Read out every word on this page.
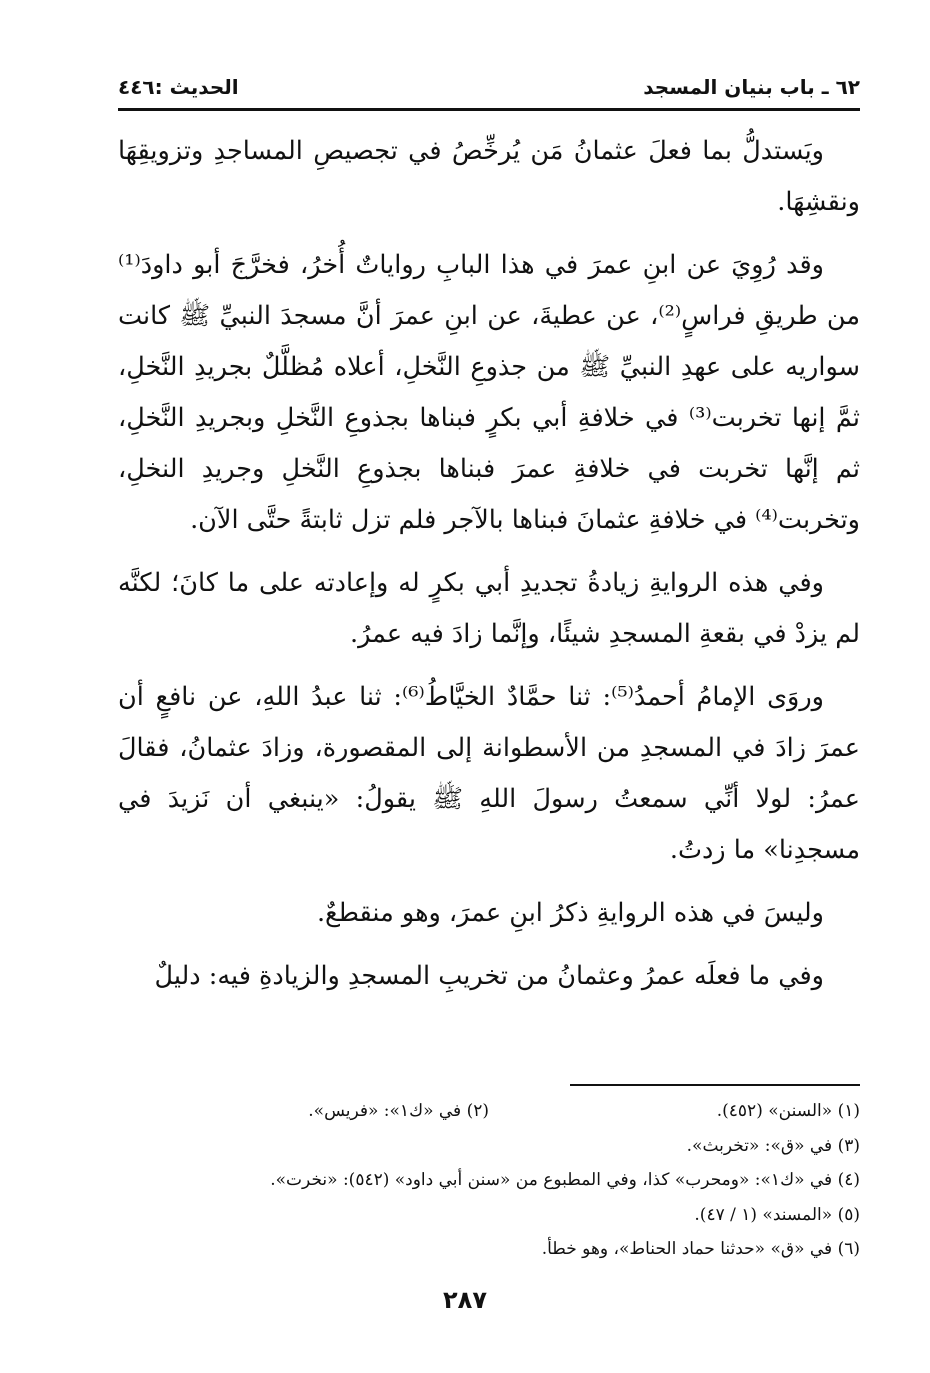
٦٢ ـ باب بنيان المسجد
الحديث :٤٤٦

ويَستدلُّ بما فعلَ عثمانُ مَن يُرخِّصُ في تجصيصِ المساجدِ وتزويقِهَا ونقشِهَا.

وقد رُوِيَ عن ابنِ عمرَ في هذا البابِ رواياتٌ أُخرُ، فخرَّجَ أبو داودَ⁽¹⁾ من طريقِ فراسٍ⁽²⁾، عن عطيةَ، عن ابنِ عمرَ أنَّ مسجدَ النبيِّ ﷺ كانت سواريه على عهدِ النبيِّ ﷺ من جذوعِ النَّخلِ، أعلاه مُظلَّلٌ بجريدِ النَّخلِ، ثمَّ إنها تخربت⁽³⁾ في خلافةِ أبي بكرٍ فبناها بجذوعِ النَّخلِ وبجريدِ النَّخلِ، ثم إنَّها تخربت في خلافةِ عمرَ فبناها بجذوعِ النَّخلِ وجريدِ النخلِ، وتخربت⁽⁴⁾ في خلافةِ عثمانَ فبناها بالآجر فلم تزل ثابتةً حتَّى الآن.

وفي هذه الروايةِ زيادةُ تجديدِ أبي بكرٍ له وإعادته على ما كانَ؛ لكنَّه لم يزدْ في بقعةِ المسجدِ شيئًا، وإنَّما زادَ فيه عمرُ.

وروَى الإمامُ أحمدُ⁽⁵⁾: ثنا حمَّادٌ الخيَّاطُ⁽⁶⁾: ثنا عبدُ اللهِ، عن نافعٍ أن عمرَ زادَ في المسجدِ من الأسطوانة إلى المقصورة، وزادَ عثمانُ، فقالَ عمرُ: لولا أنِّي سمعتُ رسولَ اللهِ ﷺ يقولُ: «ينبغي أن نَزيدَ في مسجدِنا» ما زدتُ.

وليسَ في هذه الروايةِ ذكرُ ابنِ عمرَ، وهو منقطعٌ.

وفي ما فعلَه عمرُ وعثمانُ من تخريبِ المسجدِ والزيادةِ فيه: دليلٌ

(١) «السنن» (٤٥٢).
(٢) في «ك١»: «فريس».
(٣) في «ق»: «تخربث».
(٤) في «ك١»: «ومحرب» كذا، وفي المطبوع من «سنن أبي داود» (٥٤٢): «نخرت».
(٥) «المسند» (١ / ٤٧).
(٦) في «ق» «حدثنا حماد الحناط»، وهو خطأ.
٢٨٧
